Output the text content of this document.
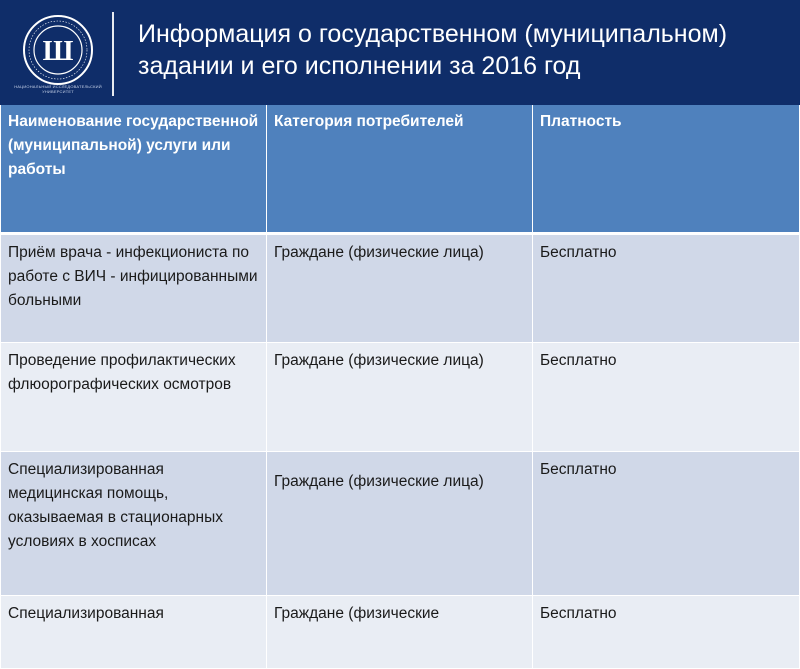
Ш
НАЦИОНАЛЬНЫЙ ИССЛЕДОВАТЕЛЬСКИЙ УНИВЕРСИТЕТ
Информация о государственном (муниципальном) задании и его исполнении за 2016 год
Наименование государственной (муниципальной) услуги или работы	Категория потребителей	Платность
Приём врача - инфекциониста по работе с ВИЧ - инфицированными больными	Граждане (физические лица)	Бесплатно
Проведение профилактических флюорографических осмотров	Граждане (физические лица)	Бесплатно
Специализированная медицинская помощь, оказываемая в стационарных условиях в хосписах	Граждане (физические лица)	Бесплатно
Специализированная	Граждане (физические	Бесплатно
